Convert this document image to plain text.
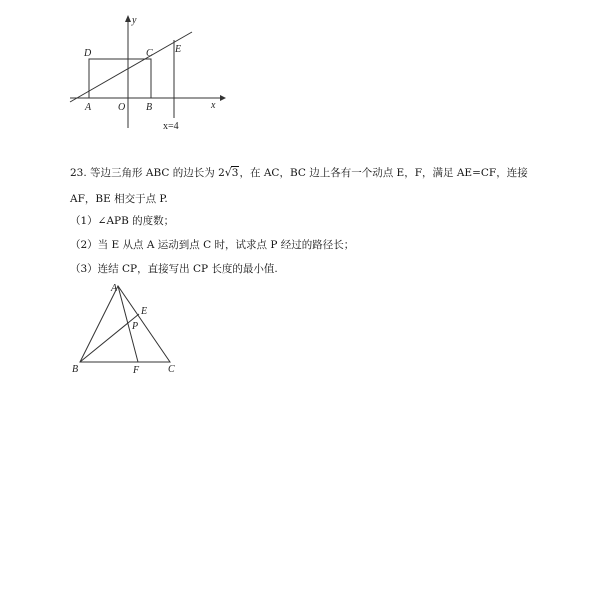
D	C E
A	O B	x
y
x=4
23. 等边三角形 ABC 的边长为 2√3，在 AC，BC 边上各有一个动点 E，F，满足 AE=CF，连接
AF，BE 相交于点 P.
（1）∠APB 的度数；
（2）当 E 从点 A 运动到点 C 时，试求点 P 经过的路径长；
（3）连结 CP，直接写出 CP 长度的最小值.
A
E
P
B	F	C
